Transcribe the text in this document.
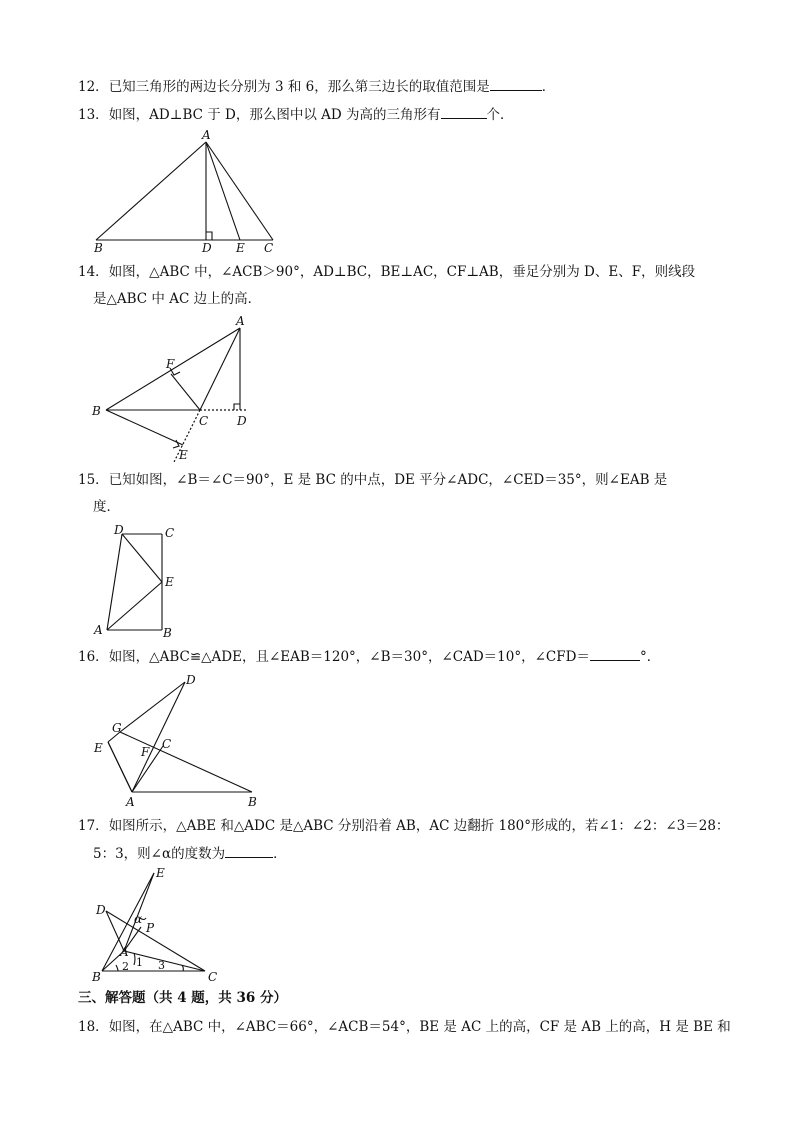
12．已知三角形的两边长分别为 3 和 6，那么第三边长的取值范围是	．
13．如图，AD⊥BC 于 D，那么图中以 AD 为高的三角形有	个．
A
B	D E C
14．如图，△ABC 中，∠ACB＞90°，AD⊥BC，BE⊥AC，CF⊥AB，垂足分别为 D、E、F，则线段
是△ABC 中 AC 边上的高．
A
B
C D
F
E
15．已知如图，∠B＝∠C＝90°，E 是 BC 的中点，DE 平分∠ADC，∠CED＝35°，则∠EAB 是
度．
D	C
E
A	B
16．如图，△ABC≌△ADE，且∠EAB＝120°，∠B＝30°，∠CAD＝10°，∠CFD＝	°．
D
G
E	F
C
A	B
17．如图所示，△ABE 和△ADC 是△ABC 分别沿着 AB，AC 边翻折 180°形成的，若∠1：∠2：∠3＝28：
5：3，则∠α的度数为	．
E
D
α
P
A
B	C
2 1 3
三、解答题（共 4 题，共 36 分）
18．如图，在△ABC 中，∠ABC＝66°，∠ACB＝54°，BE 是 AC 上的高，CF 是 AB 上的高，H 是 BE 和
